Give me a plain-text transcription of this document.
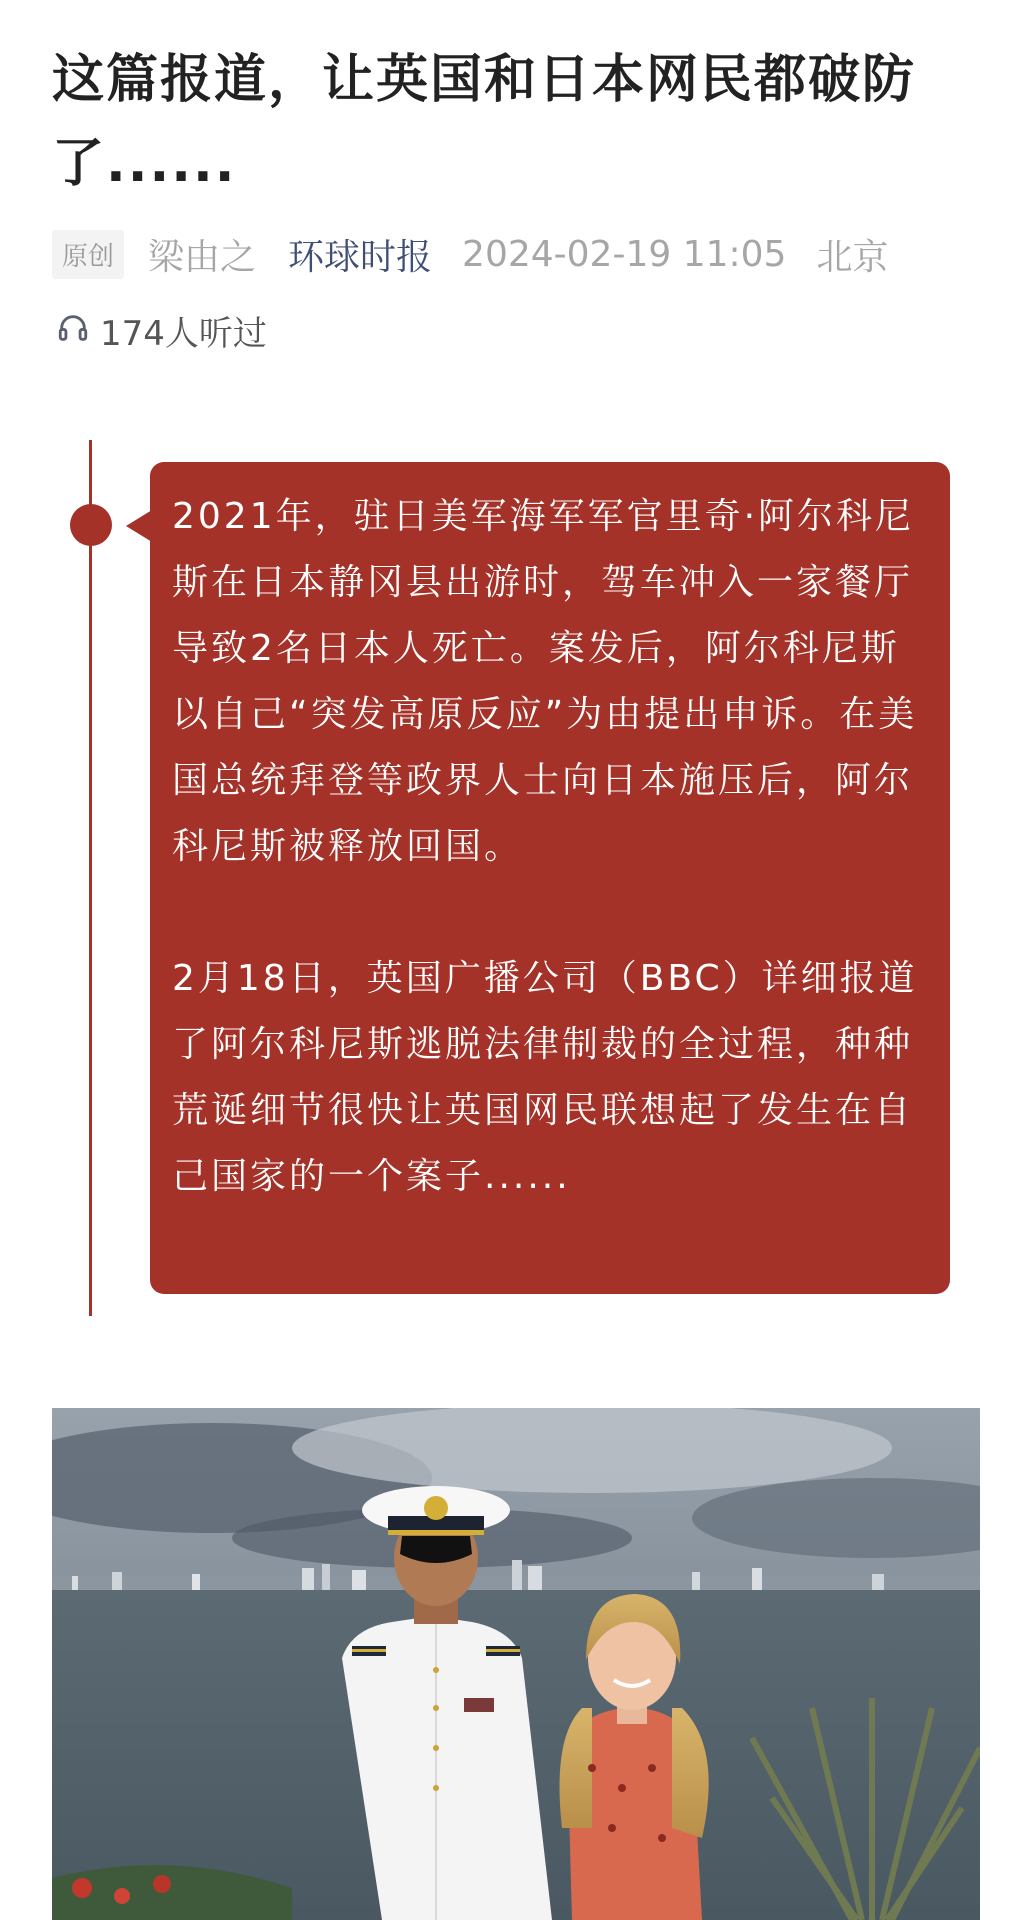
这篇报道，让英国和日本网民都破防了......
原创 梁由之 环球时报 2024-02-19 11:05 北京
174人听过

2021年，驻日美军海军军官里奇·阿尔科尼斯在日本静冈县出游时，驾车冲入一家餐厅导致2名日本人死亡。案发后，阿尔科尼斯以自己“突发高原反应”为由提出申诉。在美国总统拜登等政界人士向日本施压后，阿尔科尼斯被释放回国。

2月18日，英国广播公司（BBC）详细报道了阿尔科尼斯逃脱法律制裁的全过程，种种荒诞细节很快让英国网民联想起了发生在自己国家的一个案子......
